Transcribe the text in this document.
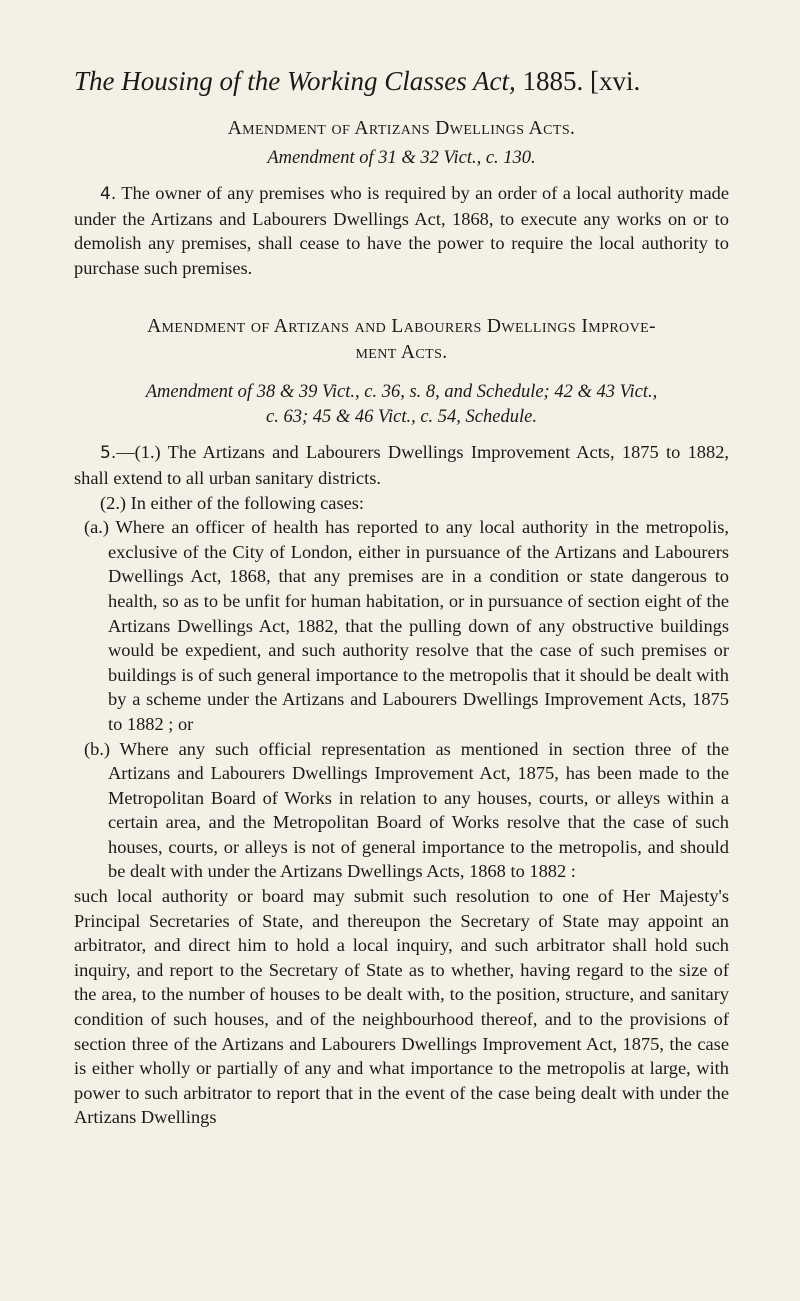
The Housing of the Working Classes Act, 1885. [xvi.

Amendment of Artizans Dwellings Acts.

Amendment of 31 & 32 Vict., c. 130.

4. The owner of any premises who is required by an order of a local authority made under the Artizans and Labourers Dwellings Act, 1868, to execute any works on or to demolish any premises, shall cease to have the power to require the local authority to purchase such premises.

Amendment of Artizans and Labourers Dwellings Improve-

ment Acts.

Amendment of 38 & 39 Vict., c. 36, s. 8, and Schedule; 42 & 43 Vict.,

c. 63; 45 & 46 Vict., c. 54, Schedule.

5.—(1.) The Artizans and Labourers Dwellings Improvement Acts, 1875 to 1882, shall extend to all urban sanitary districts.

(2.) In either of the following cases:

(a.) Where an officer of health has reported to any local authority in the metropolis, exclusive of the City of London, either in pursuance of the Artizans and Labourers Dwellings Act, 1868, that any premises are in a condition or state dangerous to health, so as to be unfit for human habitation, or in pursuance of section eight of the Artizans Dwellings Act, 1882, that the pulling down of any obstructive buildings would be expedient, and such authority resolve that the case of such premises or buildings is of such general importance to the metropolis that it should be dealt with by a scheme under the Artizans and Labourers Dwellings Improvement Acts, 1875 to 1882 ; or

(b.) Where any such official representation as mentioned in section three of the Artizans and Labourers Dwellings Improvement Act, 1875, has been made to the Metropolitan Board of Works in relation to any houses, courts, or alleys within a certain area, and the Metropolitan Board of Works resolve that the case of such houses, courts, or alleys is not of general importance to the metropolis, and should be dealt with under the Artizans Dwellings Acts, 1868 to 1882 :

such local authority or board may submit such resolution to one of Her Majesty's Principal Secretaries of State, and thereupon the Secretary of State may appoint an arbitrator, and direct him to hold a local inquiry, and such arbitrator shall hold such inquiry, and report to the Secretary of State as to whether, having regard to the size of the area, to the number of houses to be dealt with, to the position, structure, and sanitary condition of such houses, and of the neighbourhood thereof, and to the provisions of section three of the Artizans and Labourers Dwellings Improvement Act, 1875, the case is either wholly or partially of any and what importance to the metropolis at large, with power to such arbitrator to report that in the event of the case being dealt with under the Artizans Dwellings
